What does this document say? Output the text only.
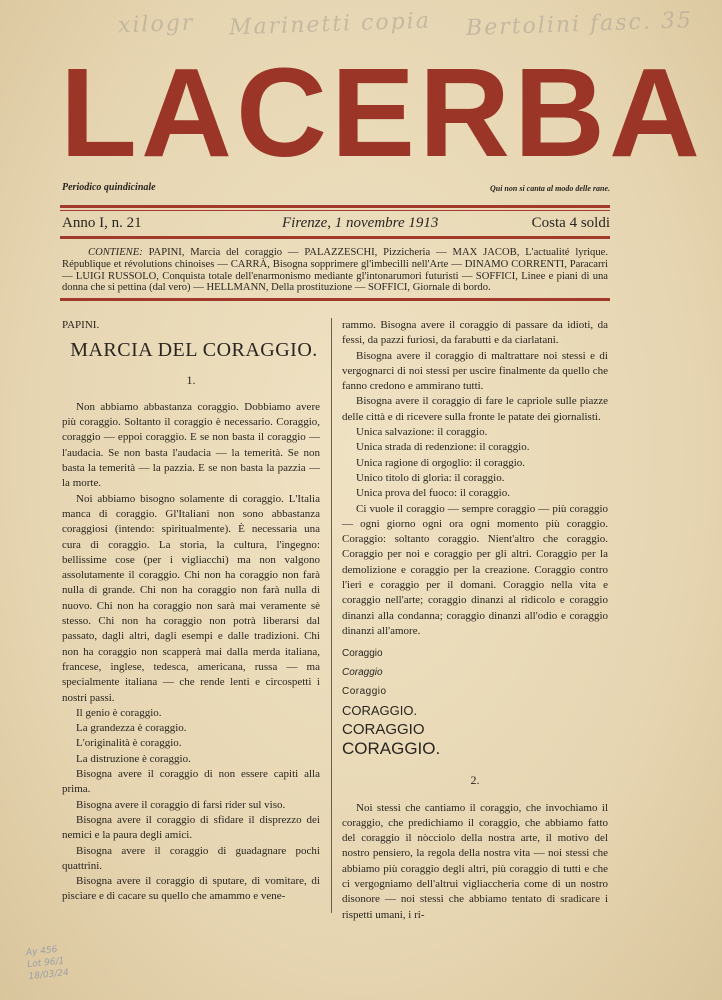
xilogr Marinetti copia Bertolini fasc. 35
LACERBA
Periodico quindicinale	Qui non si canta al modo delle rane.
Anno I, n. 21	Firenze, 1 novembre 1913	Costa 4 soldi
CONTIENE: PAPINI, Marcia del coraggio — PALAZZESCHI, Pizzicheria — MAX JACOB, L'actualité lyrique. République et révolutions chinoises — CARRÀ, Bisogna sopprimere gl'imbecilli nell'Arte — DINAMO CORRENTI, Paracarri — LUIGI RUSSOLO, Conquista totale dell'enarmonismo mediante gl'intonarumori futuristi — SOFFICI, Linee e piani di una donna che si pettina (dal vero) — HELLMANN, Della prostituzione — SOFFICI, Giornale di bordo.
PAPINI.
MARCIA DEL CORAGGIO.
1.

Non abbiamo abbastanza coraggio. Dobbiamo avere più coraggio. Soltanto il coraggio è necessario. Coraggio, coraggio — eppoi coraggio. E se non basta il coraggio — l'audacia. Se non basta l'audacia — la temerità. Se non basta la temerità — la pazzia. E se non basta la pazzia — la morte.

Noi abbiamo bisogno solamente di coraggio. L'Italia manca di coraggio. Gl'Italiani non sono abbastanza coraggiosi (intendo: spiritualmente). È necessaria una cura di coraggio. La storia, la cultura, l'ingegno: bellissime cose (per i vigliacchi) ma non valgono assolutamente il coraggio. Chi non ha coraggio non farà nulla di grande. Chi non ha coraggio non farà nulla di nuovo. Chi non ha coraggio non sarà mai veramente sè stesso. Chi non ha coraggio non potrà liberarsi dal passato, dagli altri, dagli esempi e dalle tradizioni. Chi non ha coraggio non scapperà mai dalla merda italiana, francese, inglese, tedesca, americana, russa — ma specialmente italiana — che rende lenti e circospetti i nostri passi.

Il genio è coraggio.

La grandezza è coraggio.

L'originalità è coraggio.

La distruzione è coraggio.

Bisogna avere il coraggio di non essere capiti alla prima.

Bisogna avere il coraggio di farsi rider sul viso.

Bisogna avere il coraggio di sfidare il disprezzo dei nemici e la paura degli amici.

Bisogna avere il coraggio di guadagnare pochi quattrini.

Bisogna avere il coraggio di sputare, di vomitare, di pisciare e di cacare su quello che amammo e vene-

rammo. Bisogna avere il coraggio di passare da idioti, da fessi, da pazzi furiosi, da farabutti e da ciarlatani.

Bisogna avere il coraggio di maltrattare noi stessi e di vergognarci di noi stessi per uscire finalmente da quello che fanno credono e ammirano tutti.

Bisogna avere il coraggio di fare le capriole sulle piazze delle città e di ricevere sulla fronte le patate dei giornalisti.

Unica salvazione: il coraggio.

Unica strada di redenzione: il coraggio.

Unica ragione di orgoglio: il coraggio.

Unico titolo di gloria: il coraggio.

Unica prova del fuoco: il coraggio.

Ci vuole il coraggio — sempre coraggio — più coraggio — ogni giorno ogni ora ogni momento più coraggio. Coraggio: soltanto coraggio. Nient'altro che coraggio. Coraggio per noi e coraggio per gli altri. Coraggio per la demolizione e coraggio per la creazione. Coraggio contro l'ieri e coraggio per il domani. Coraggio nella vita e coraggio nell'arte; coraggio dinanzi al ridicolo e coraggio dinanzi alla condanna; coraggio dinanzi all'odio e coraggio dinanzi all'amore.

Coraggio
Coraggio
Coraggio
CORAGGIO.
CORAGGIO
CORAGGIO.
2.

Noi stessi che cantiamo il coraggio, che invochiamo il coraggio, che predichiamo il coraggio, che abbiamo fatto del coraggio il nòcciolo della nostra arte, il motivo del nostro pensiero, la regola della nostra vita — noi stessi che abbiamo più coraggio degli altri, più coraggio di tutti e che ci vergogniamo dell'altrui vigliaccheria come di un nostro disonore — noi stessi che abbiamo tentato di sradicare i rispetti umani, i ri-

Ay 456
Lot 96/1
18/03/24
